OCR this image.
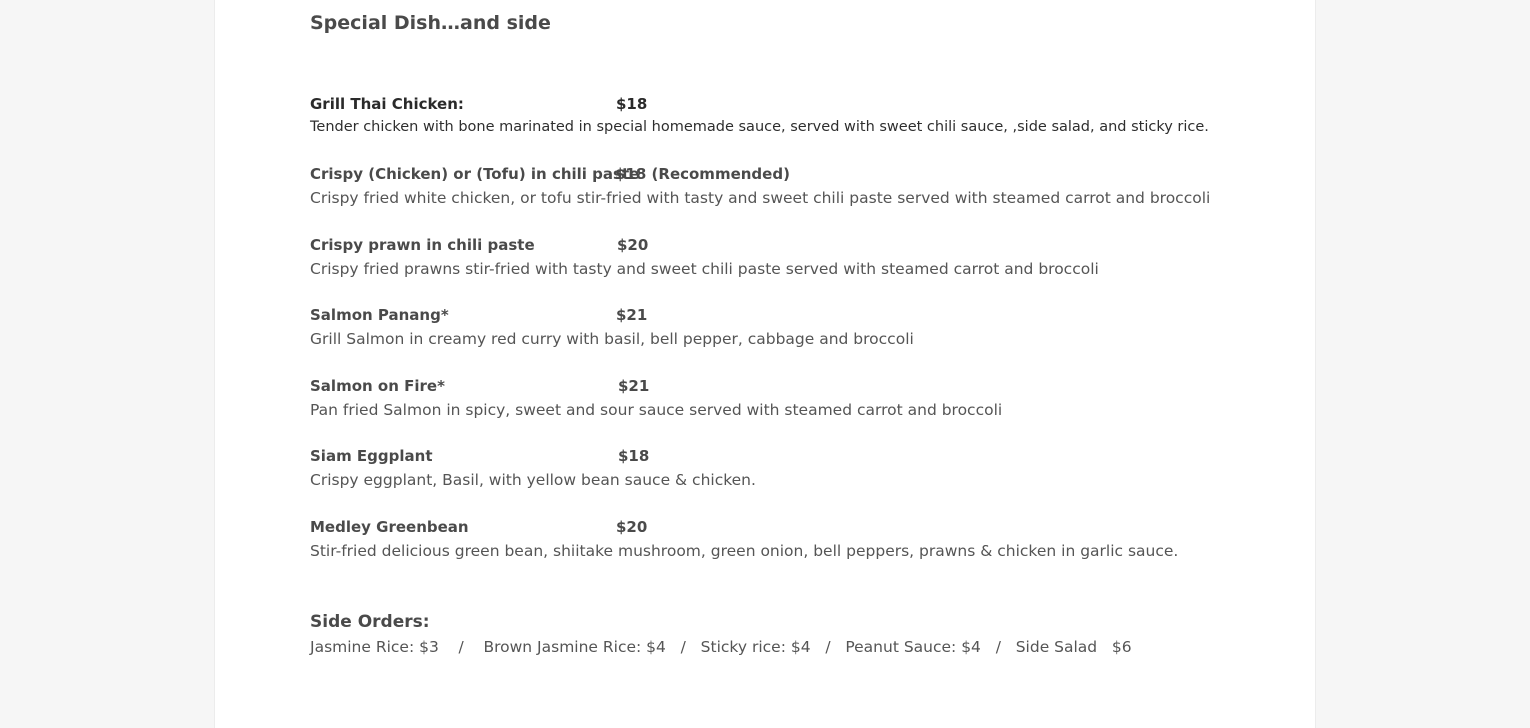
Special Dish…and side
Grill Thai Chicken:	$18
Tender chicken with bone marinated in special homemade sauce, served with sweet chili sauce, ,side salad, and sticky rice.
Crispy (Chicken) or (Tofu) in chili paste
$18 (Recommended)
Crispy fried white chicken, or tofu stir-fried with tasty and sweet chili paste served with steamed carrot and broccoli
Crispy prawn in chili paste	$20
Crispy fried prawns stir-fried with tasty and sweet chili paste served with steamed carrot and broccoli
Salmon Panang*	$21
Grill Salmon in creamy red curry with basil, bell pepper, cabbage and broccoli
Salmon on Fire*	$21
Pan fried Salmon in spicy, sweet and sour sauce served with steamed carrot and broccoli
Siam Eggplant	$18
Crispy eggplant, Basil, with yellow bean sauce & chicken.
Medley Greenbean	$20
Stir-fried delicious green bean, shiitake mushroom, green onion, bell peppers, prawns & chicken in garlic sauce.
Side Orders:
Jasmine Rice: $3    /    Brown Jasmine Rice: $4   /   Sticky rice: $4   /   Peanut Sauce: $4   /   Side Salad   $6
